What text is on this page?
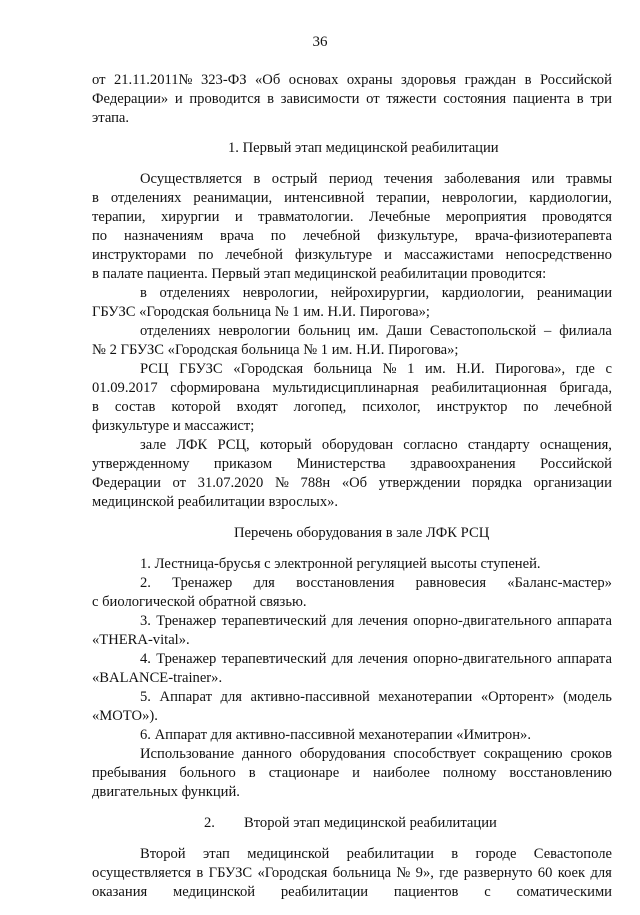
36
от 21.11.2011№ 323-ФЗ «Об основах охраны здоровья граждан в Российской
Федерации» и проводится в зависимости от тяжести состояния пациента в три
этапа.
1. Первый этап медицинской реабилитации
Осуществляется в острый период течения заболевания или травмы
в отделениях реанимации, интенсивной терапии, неврологии, кардиологии,
терапии, хирургии и травматологии. Лечебные мероприятия проводятся
по назначениям врача по лечебной физкультуре, врача-физиотерапевта
инструкторами по лечебной физкультуре и массажистами непосредственно
в палате пациента. Первый этап медицинской реабилитации проводится:
в отделениях неврологии, нейрохирургии, кардиологии, реанимации
ГБУЗС «Городская больница № 1 им. Н.И. Пирогова»;
отделениях неврологии больниц им. Даши Севастопольской – филиала
№ 2 ГБУЗС «Городская больница № 1 им. Н.И. Пирогова»;
РСЦ ГБУЗС «Городская больница № 1 им. Н.И. Пирогова», где с
01.09.2017 сформирована мультидисциплинарная реабилитационная бригада,
в состав которой входят логопед, психолог, инструктор по лечебной
физкультуре и массажист;
зале ЛФК РСЦ, который оборудован согласно стандарту оснащения,
утвержденному приказом Министерства здравоохранения Российской
Федерации от 31.07.2020 № 788н «Об утверждении порядка организации
медицинской реабилитации взрослых».
Перечень оборудования в зале ЛФК РСЦ
1. Лестница-брусья с электронной регуляцией высоты ступеней.
2. Тренажер для восстановления равновесия «Баланс-мастер»
с биологической обратной связью.
3. Тренажер терапевтический для лечения опорно-двигательного аппарата
«THERA-vital».
4. Тренажер терапевтический для лечения опорно-двигательного аппарата
«BALANCE-trainer».
5. Аппарат для активно-пассивной механотерапии «Орторент» (модель
«МОТО»).
6. Аппарат для активно-пассивной механотерапии «Имитрон».
Использование данного оборудования способствует сокращению сроков
пребывания больного в стационаре и наиболее полному восстановлению
двигательных функций.
2. Второй этап медицинской реабилитации
Второй этап медицинской реабилитации в городе Севастополе
осуществляется в ГБУЗС «Городская больница № 9», где развернуто 60 коек для
оказания медицинской реабилитации пациентов с соматическими
